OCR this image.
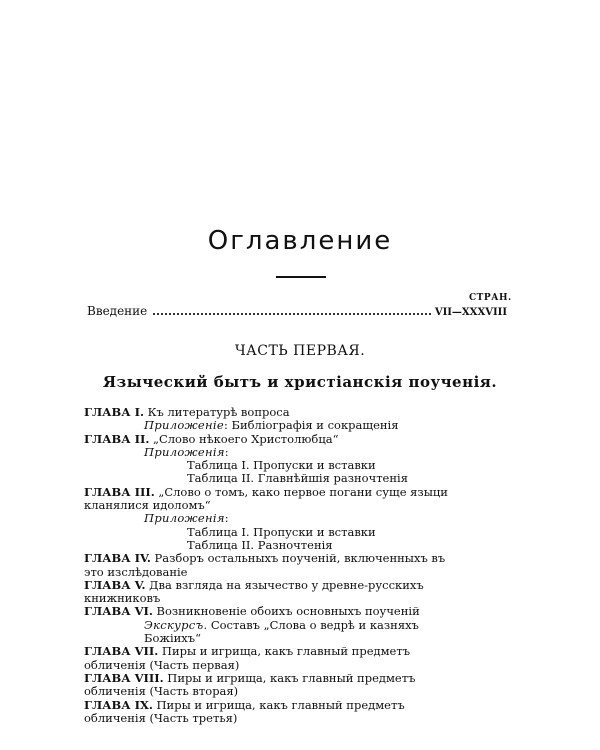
Оглавление
СТРАН.
Введение	VII—XXXVIII
ЧАСТЬ ПЕРВАЯ.
Языческий бытъ и христіанскія поученія.
ГЛАВА I. Къ литературѣ вопроса
Приложеніе: Библіографія и сокращенія
ГЛАВА II. „Слово нѣкоего Христолюбца“
Приложенія:
Таблица I. Пропуски и вставки
Таблица II. Главнѣйшія разночтенія
ГЛАВА III. „Слово о томъ, како первое погани суще языци кланялися идоломъ“
Приложенія:
Таблица I. Пропуски и вставки
Таблица II. Разночтенія
ГЛАВА IV. Разборъ остальныхъ поученій, включенныхъ въ это изслѣдованіе
ГЛАВА V. Два взгляда на язычество у древне-русскихъ книжниковъ
ГЛАВА VI. Возникновеніе обоихъ основныхъ поученій
Экскурсъ. Составъ „Слова о ведрѣ и казняхъ Божіихъ“
ГЛАВА VII. Пиры и игрища, какъ главный предметъ обличенія (Часть первая)
ГЛАВА VIII. Пиры и игрища, какъ главный предметъ обличенія (Часть вторая)
ГЛАВА IX. Пиры и игрища, какъ главный предметъ обличенія (Часть третья)
